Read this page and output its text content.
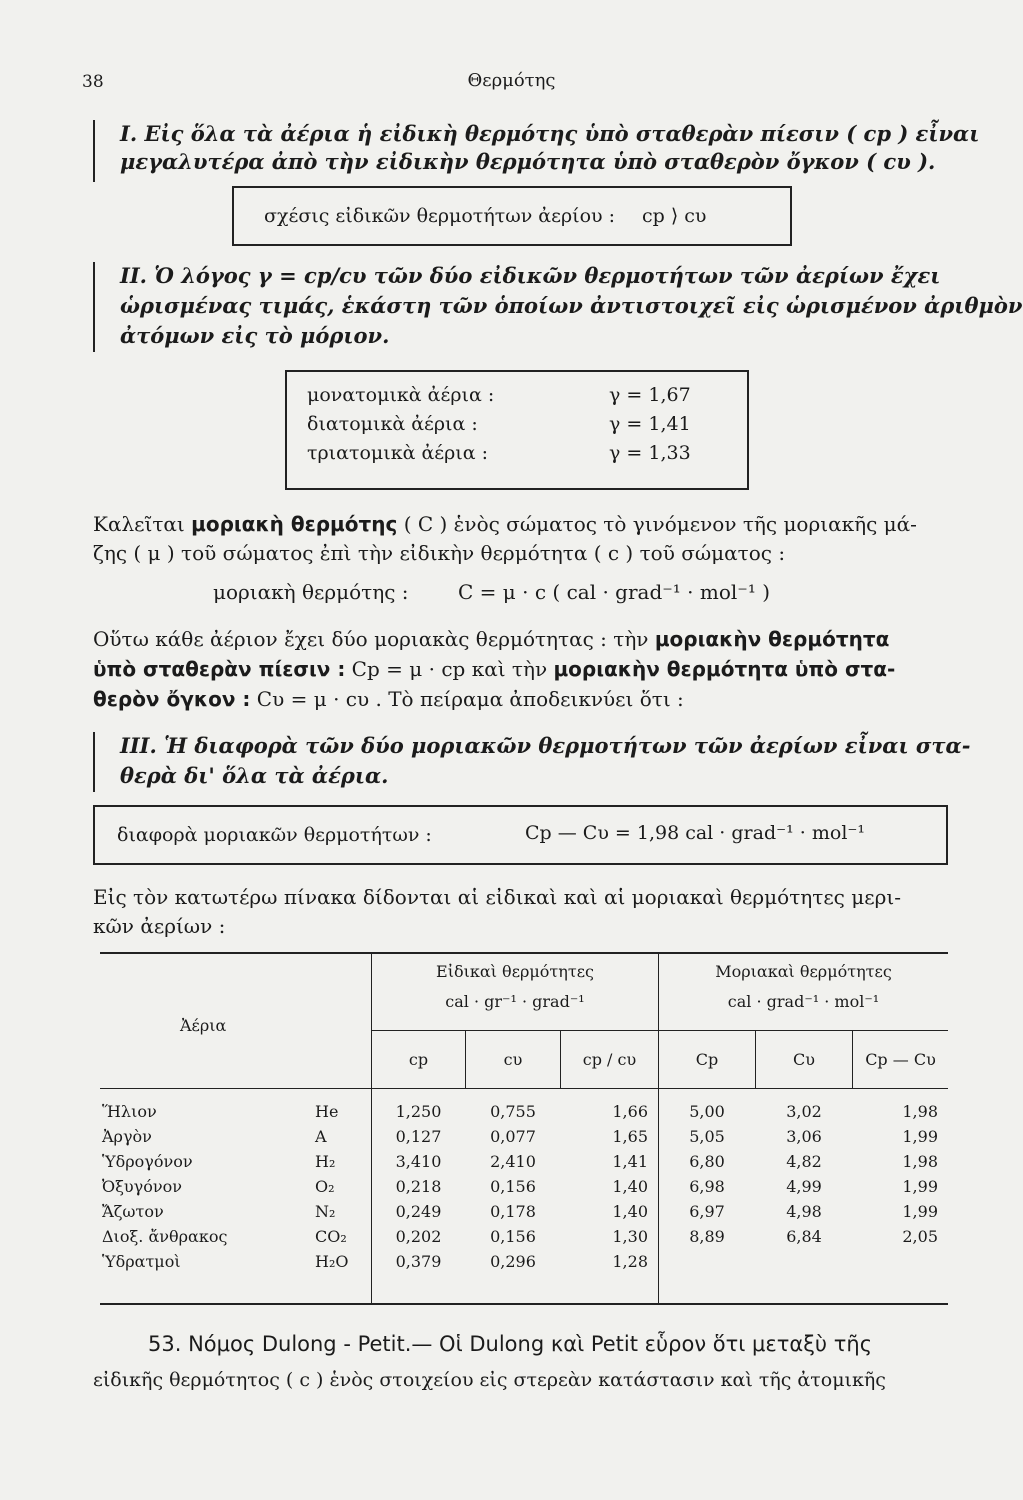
38	Θερμότης
I. Εἰς ὅλα τὰ ἀέρια ἡ εἰδικὴ θερμότης ὑπὸ σταθερὰν πίεσιν ( cp ) εἶναι
μεγαλυτέρα ἀπὸ τὴν εἰδικὴν θερμότητα ὑπὸ σταθερὸν ὄγκον ( cυ ).
σχέσις εἰδικῶν θερμοτήτων ἀερίου : cp ⟩ cυ
II. Ὁ λόγος γ = cp/cυ τῶν δύο εἰδικῶν θερμοτήτων τῶν ἀερίων ἔχει
ὡρισμένας τιμάς, ἑκάστη τῶν ὁποίων ἀντιστοιχεῖ εἰς ὡρισμένον ἀριθμὸν
ἀτόμων εἰς τὸ μόριον.
μονατομικὰ ἀέρια :	γ = 1,67
διατομικὰ ἀέρια :	γ = 1,41
τριατομικὰ ἀέρια :	γ = 1,33
Καλεῖται μοριακὴ θερμότης ( C ) ἑνὸς σώματος τὸ γινόμενον τῆς μοριακῆς μά-
ζης ( μ ) τοῦ σώματος ἐπὶ τὴν εἰδικὴν θερμότητα ( c ) τοῦ σώματος :
μοριακὴ θερμότης : C = μ · c ( cal · grad⁻¹ · mol⁻¹ )
Οὕτω κάθε ἀέριον ἔχει δύο μοριακὰς θερμότητας : τὴν μοριακὴν θερμότητα
ὑπὸ σταθερὰν πίεσιν : Cp = μ · cp καὶ τὴν μοριακὴν θερμότητα ὑπὸ στα-
θερὸν ὄγκον : Cυ = μ · cυ . Τὸ πείραμα ἀποδεικνύει ὅτι :
III. Ἡ διαφορὰ τῶν δύο μοριακῶν θερμοτήτων τῶν ἀερίων εἶναι στα-
θερὰ δι' ὅλα τὰ ἀέρια.
διαφορὰ μοριακῶν θερμοτήτων :	Cp — Cυ = 1,98 cal · grad⁻¹ · mol⁻¹
Εἰς τὸν κατωτέρω πίνακα δίδονται αἱ εἰδικαὶ καὶ αἱ μοριακαὶ θερμότητες μερι-
κῶν ἀερίων :
Ἀέρια
Εἰδικαὶ θερμότητες
cal · gr⁻¹ · grad⁻¹
Μοριακαὶ θερμότητες
cal · grad⁻¹ · mol⁻¹
cp	cυ	cp / cυ	Cp	Cυ	Cp — Cυ
Ἥλιον	He	1,250	0,755	1,66	5,00	3,02	1,98
Ἀργὸν	A	0,127	0,077	1,65	5,05	3,06	1,99
Ὑδρογόνον	H₂	3,410	2,410	1,41	6,80	4,82	1,98
Ὀξυγόνον	O₂	0,218	0,156	1,40	6,98	4,99	1,99
Ἄζωτον	N₂	0,249	0,178	1,40	6,97	4,98	1,99
Διοξ. ἄνθρακος	CO₂	0,202	0,156	1,30	8,89	6,84	2,05
Ὑδρατμοὶ	H₂O	0,379	0,296	1,28
53. Νόμος Dulong - Petit.— Οἱ Dulong καὶ Petit εὗρον ὅτι μεταξὺ τῆς
εἰδικῆς θερμότητος ( c ) ἑνὸς στοιχείου εἰς στερεὰν κατάστασιν καὶ τῆς ἀτομικῆς
